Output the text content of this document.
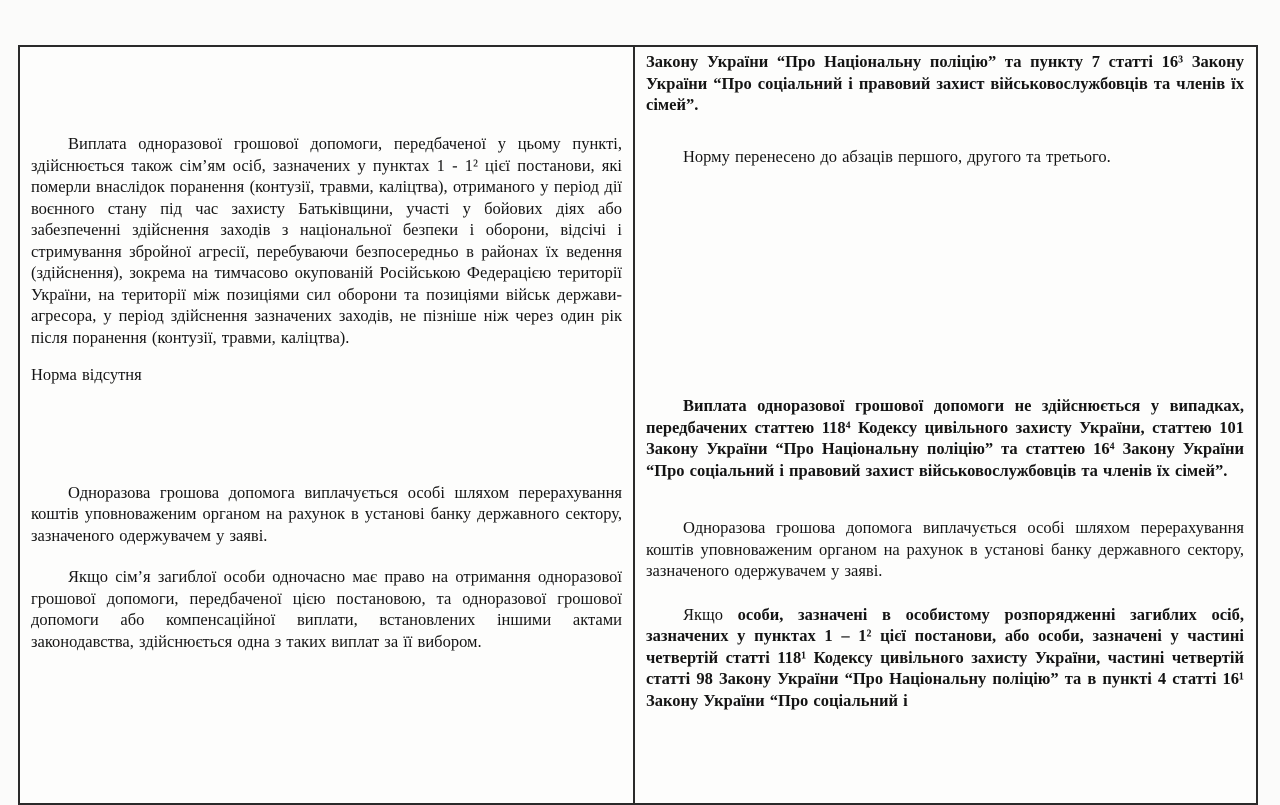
Виплата одноразової грошової допомоги, передбаченої у цьому пункті, здійснюється також сім’ям осіб, зазначених у пунктах 1 - 1² цієї постанови, які померли внаслідок поранення (контузії, травми, каліцтва), отриманого у період дії воєнного стану під час захисту Батьківщини, участі у бойових діях або забезпеченні здійснення заходів з національної безпеки і оборони, відсічі і стримування збройної агресії, перебуваючи безпосередньо в районах їх ведення (здійснення), зокрема на тимчасово окупованій Російською Федерацією території України, на території між позиціями сил оборони та позиціями військ держави-агресора, у період здійснення зазначених заходів, не пізніше ніж через один рік після поранення (контузії, травми, каліцтва).

Норма відсутня

Одноразова грошова допомога виплачується особі шляхом перерахування коштів уповноваженим органом на рахунок в установі банку державного сектору, зазначеного одержувачем у заяві.

Якщо сім’я загиблої особи одночасно має право на отримання одноразової грошової допомоги, передбаченої цією постановою, та одноразової грошової допомоги або компенсаційної виплати, встановлених іншими актами законодавства, здійснюється одна з таких виплат за її вибором.

Закону України “Про Національну поліцію” та пункту 7 статті 16³ Закону України “Про соціальний і правовий захист військовослужбовців та членів їх сімей”.

Норму перенесено до абзаців першого, другого та третього.

Виплата одноразової грошової допомоги не здійснюється у випадках, передбачених статтею 118⁴ Кодексу цивільного захисту України, статтею 101 Закону України “Про Національну поліцію” та статтею 16⁴ Закону України “Про соціальний і правовий захист військовослужбовців та членів їх сімей”.

Одноразова грошова допомога виплачується особі шляхом перерахування коштів уповноваженим органом на рахунок в установі банку державного сектору, зазначеного одержувачем у заяві.

Якщо особи, зазначені в особистому розпорядженні загиблих осіб, зазначених у пунктах 1 – 1² цієї постанови, або особи, зазначені у частині четвертій статті 118¹ Кодексу цивільного захисту України, частині четвертій статті 98 Закону України “Про Національну поліцію” та в пункті 4 статті 16¹ Закону України “Про соціальний і
